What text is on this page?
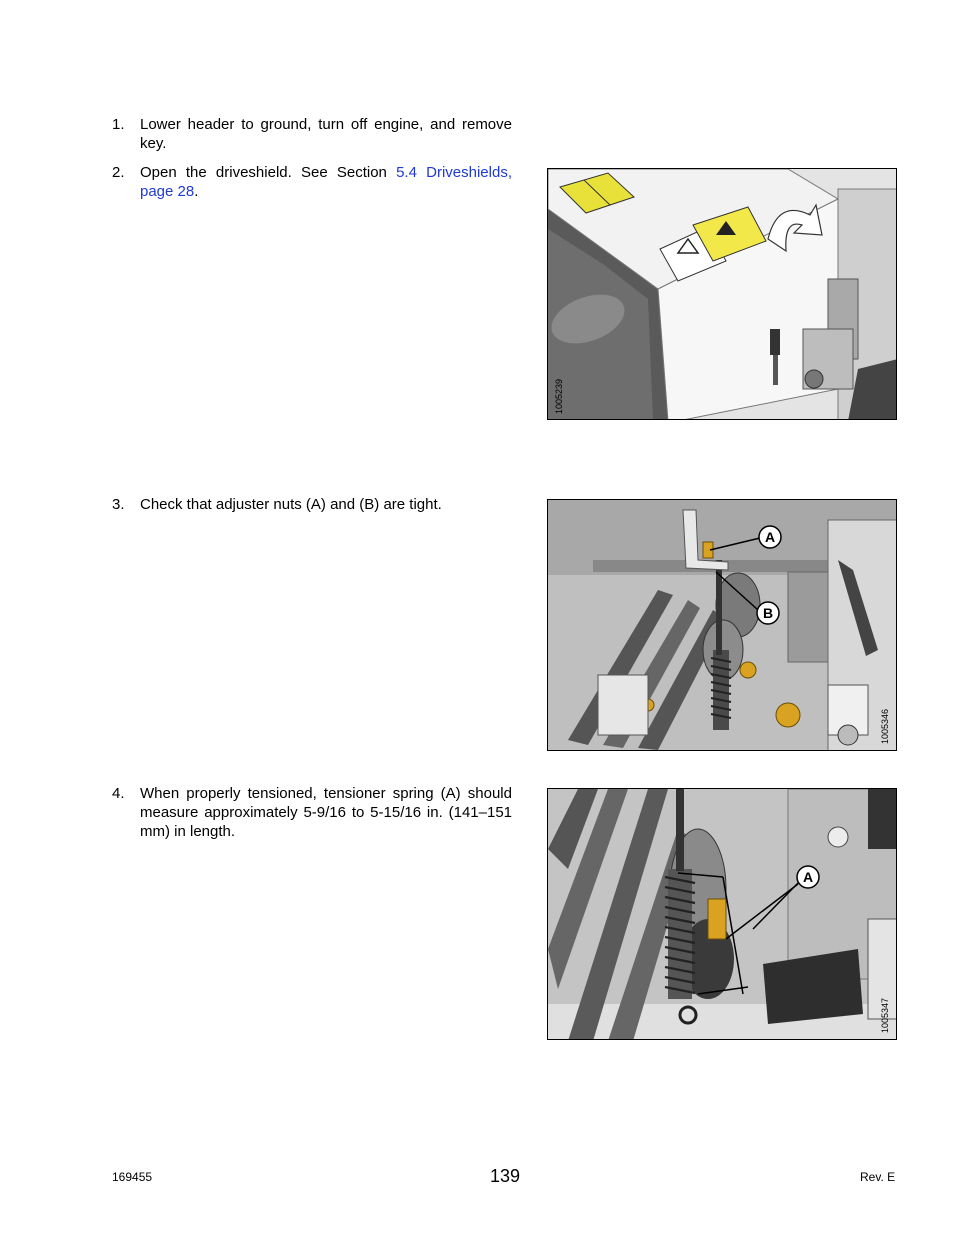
1.	Lower header to ground, turn off engine, and remove key.
2.	Open the driveshield. See Section 5.4 Driveshields, page 28.
3.	Check that adjuster nuts (A) and (B) are tight.
4.	When properly tensioned, tensioner spring (A) should measure approximately 5-9/16 to 5-15/16 in. (141–151 mm) in length.
1005239
A
B
1005346
A
1005347
169455	139	Rev. E
